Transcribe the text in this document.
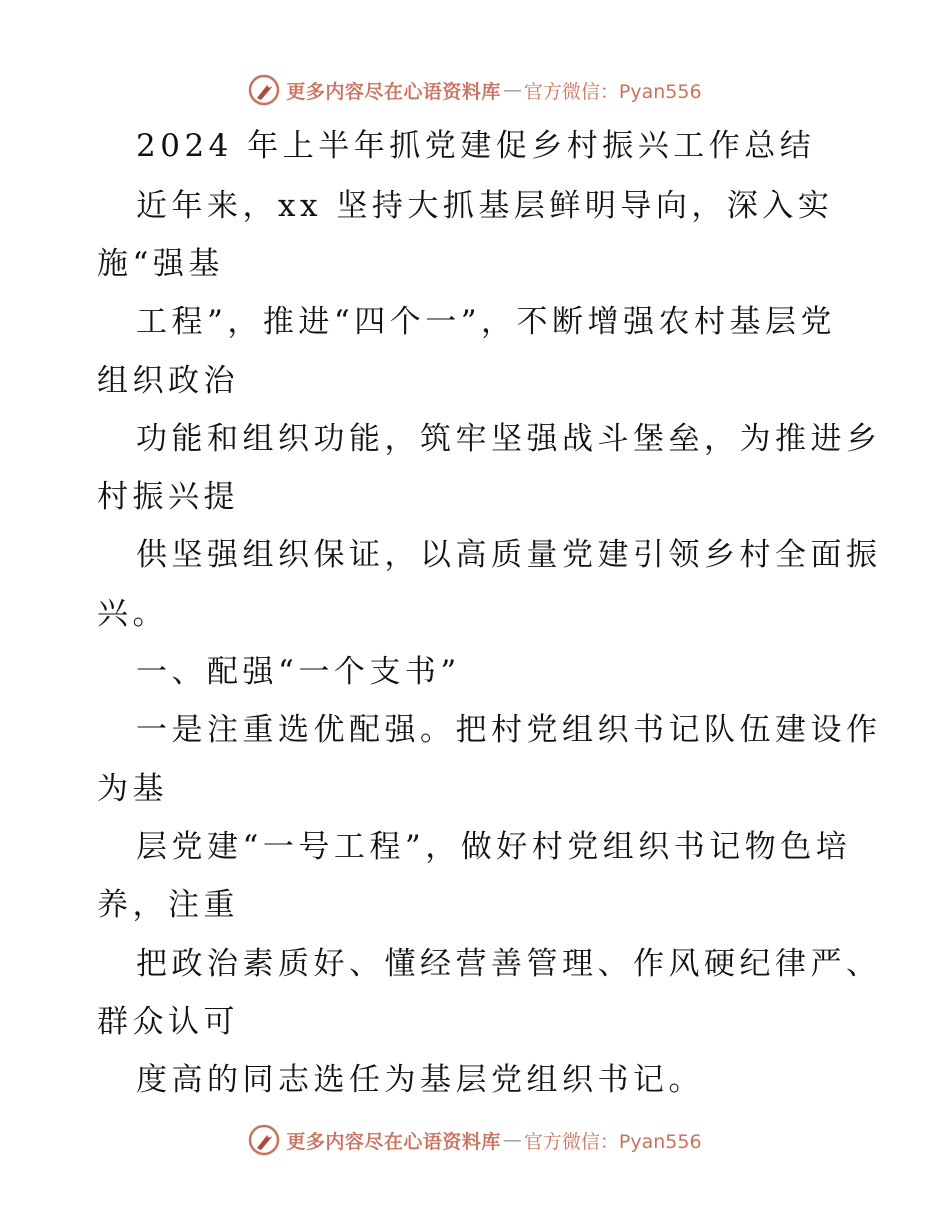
更多内容尽在心语资料库 — 官方微信：Pyan556
2024 年上半年抓党建促乡村振兴工作总结
近年来，xx 坚持大抓基层鲜明导向，深入实
施“强基
工程”，推进“四个一”，不断增强农村基层党
组织政治
功能和组织功能，筑牢坚强战斗堡垒，为推进乡
村振兴提
供坚强组织保证，以高质量党建引领乡村全面振
兴。
一、配强“一个支书”
一是注重选优配强。把村党组织书记队伍建设作
为基
层党建“一号工程”，做好村党组织书记物色培
养，注重
把政治素质好、懂经营善管理、作风硬纪律严、
群众认可
度高的同志选任为基层党组织书记。
更多内容尽在心语资料库 — 官方微信：Pyan556
